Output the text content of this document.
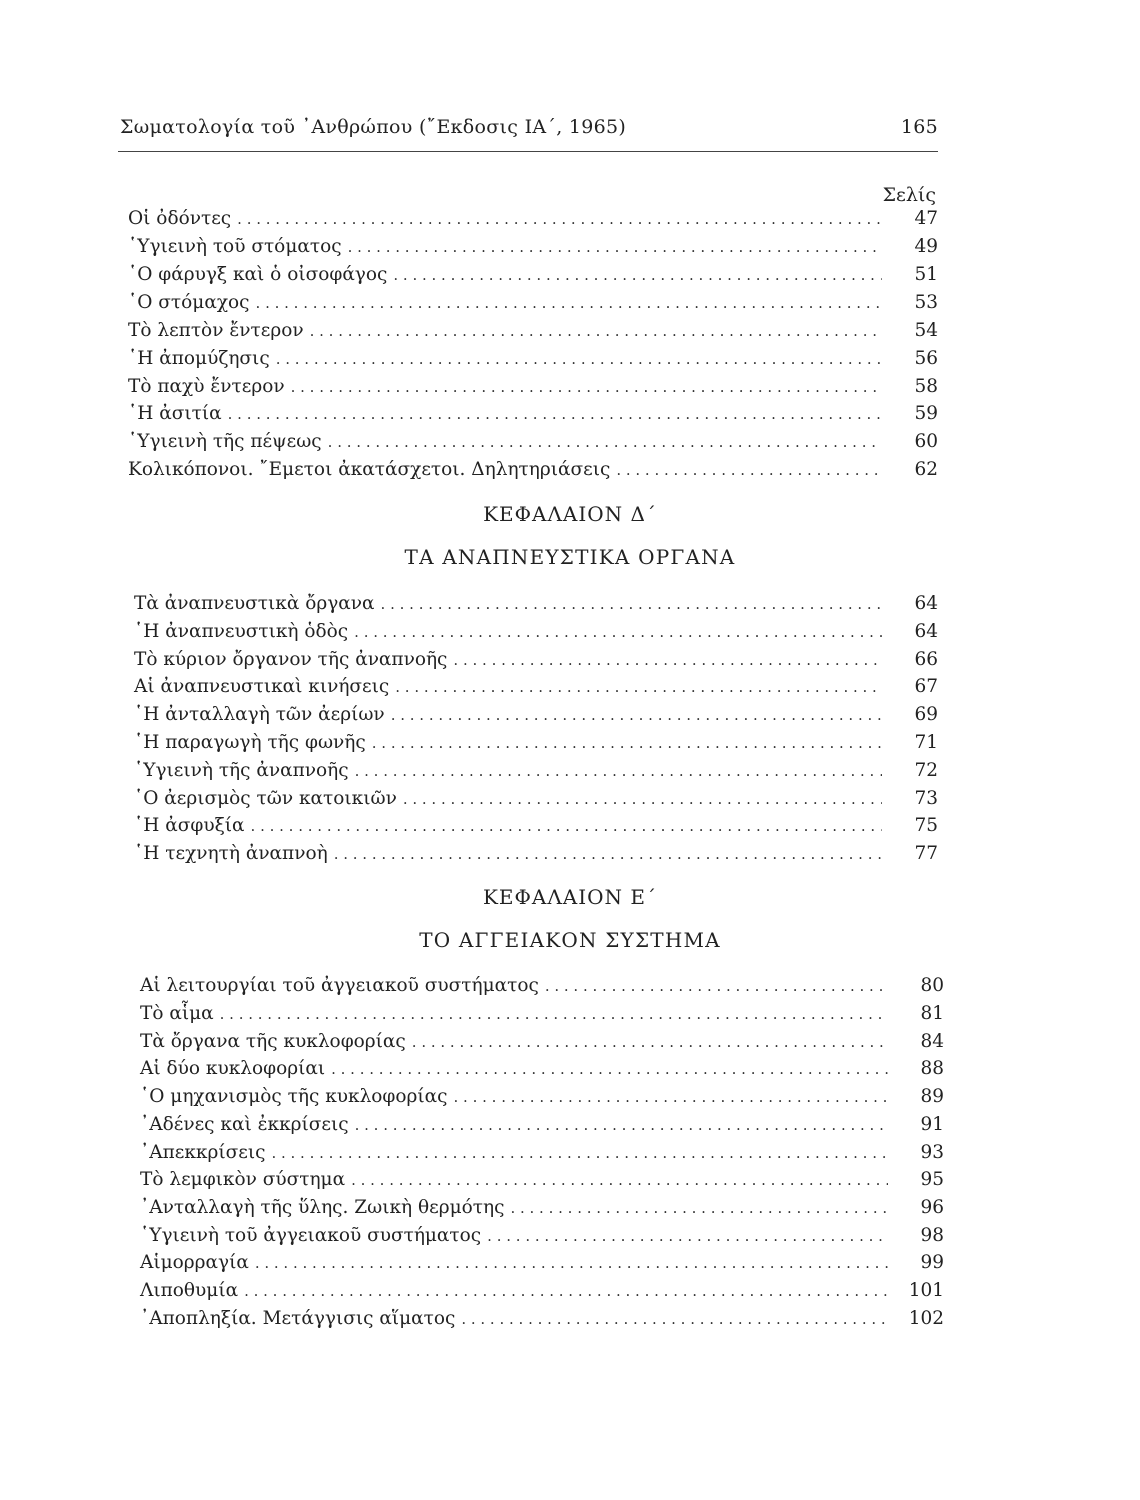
Σωματολογία τοῦ ᾿Ανθρώπου (῎Εκδοσις ΙΑ΄, 1965)	165
Σελίς
Οἱ ὀδόντες . . .	47
῾Υγιεινὴ τοῦ στόματος . . .	49
῾Ο φάρυγξ καὶ ὁ οἰσοφάγος . . .	51
῾Ο στόμαχος . . .	53
Τὸ λεπτὸν ἔντερον . . .	54
῾Η ἀπομύζησις . . .	56
Τὸ παχὺ ἔντερον . . .	58
῾Η ἀσιτία . . .	59
῾Υγιεινὴ τῆς πέψεως . . .	60
Κολικόπονοι. ῎Εμετοι ἀκατάσχετοι. Δηλητηριάσεις . . .	62
ΚΕΦΑΛΑΙΟΝ Δ΄
ΤΑ ΑΝΑΠΝΕΥΣΤΙΚΑ ΟΡΓΑΝΑ
Τὰ ἀναπνευστικὰ ὄργανα . . .	64
῾Η ἀναπνευστικὴ ὁδὸς . . .	64
Τὸ κύριον ὄργανον τῆς ἀναπνοῆς . . .	66
Αἱ ἀναπνευστικαὶ κινήσεις . . .	67
῾Η ἀνταλλαγὴ τῶν ἀερίων . . .	69
῾Η παραγωγὴ τῆς φωνῆς . . .	71
῾Υγιεινὴ τῆς ἀναπνοῆς . . .	72
῾Ο ἀερισμὸς τῶν κατοικιῶν . . .	73
῾Η ἀσφυξία . . .	75
῾Η τεχνητὴ ἀναπνοὴ . . .	77
ΚΕΦΑΛΑΙΟΝ Ε΄
ΤΟ ΑΓΓΕΙΑΚΟΝ ΣΥΣΤΗΜΑ
Αἱ λειτουργίαι τοῦ ἀγγειακοῦ συστήματος . . .	80
Τὸ αἷμα . . .	81
Τὰ ὄργανα τῆς κυκλοφορίας . . .	84
Αἱ δύο κυκλοφορίαι . . .	88
῾Ο μηχανισμὸς τῆς κυκλοφορίας . . .	89
᾿Αδένες καὶ ἐκκρίσεις . . .	91
᾿Απεκκρίσεις . . .	93
Τὸ λεμφικὸν σύστημα . . .	95
᾿Ανταλλαγὴ τῆς ὕλης. Ζωικὴ θερμότης . . .	96
῾Υγιεινὴ τοῦ ἀγγειακοῦ συστήματος . . .	98
Αἱμορραγία . . .	99
Λιποθυμία . . .	101
᾿Αποπληξία. Μετάγγισις αἵματος . . .	102
